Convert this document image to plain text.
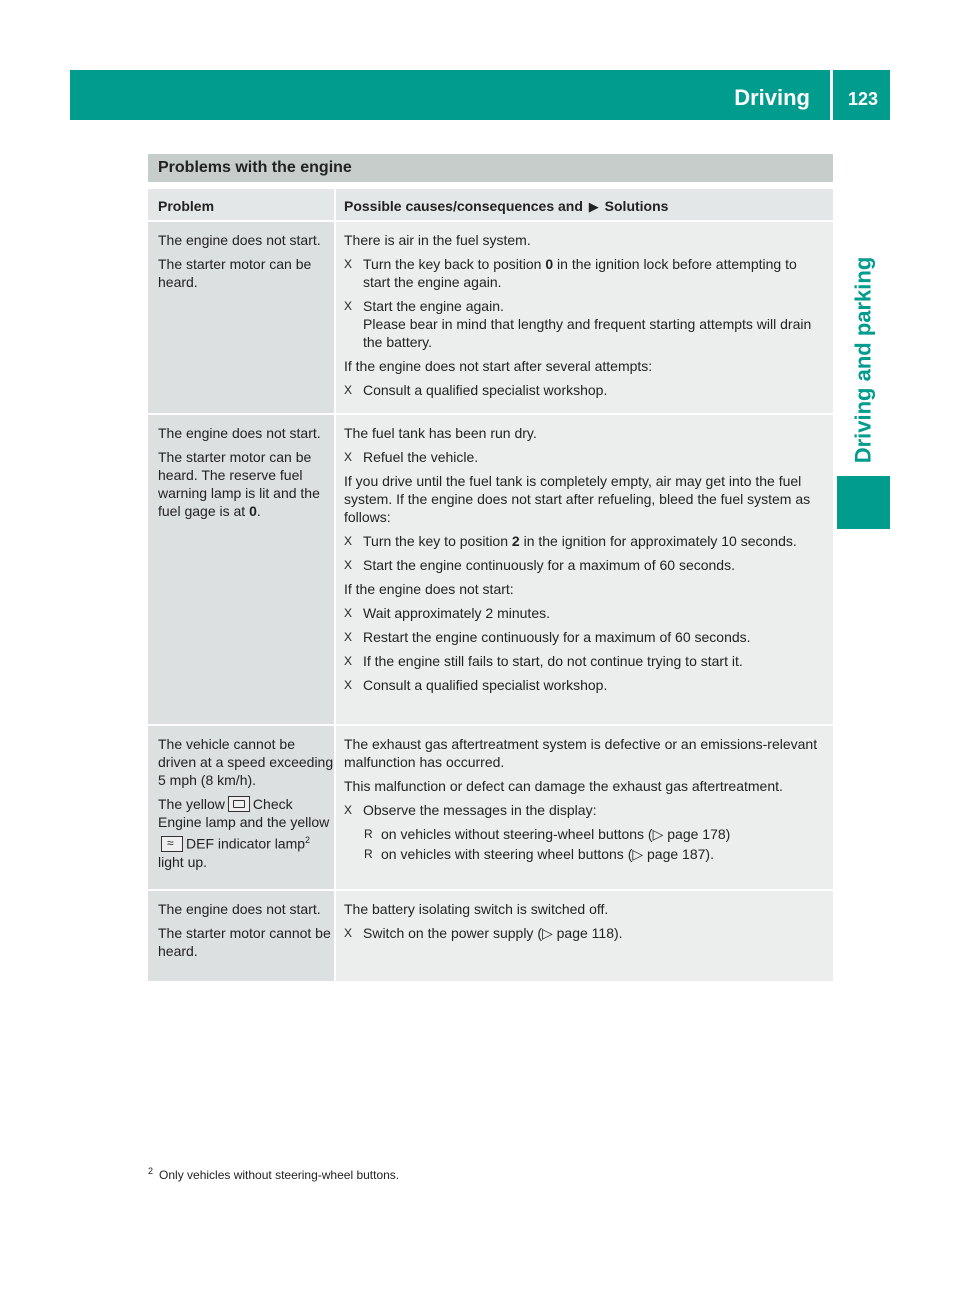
Driving	123
Driving and parking
Problems with the engine
Problem	Possible causes/consequences and ▶ Solutions

The engine does not start.

The starter motor can be heard.

There is air in the fuel system.

X Turn the key back to position 0 in the ignition lock before attempting to start the engine again.
X Start the engine again.
Please bear in mind that lengthy and frequent starting attempts will drain the battery.

If the engine does not start after several attempts:

X Consult a qualified specialist workshop.

The engine does not start.

The starter motor can be heard. The reserve fuel warning lamp is lit and the fuel gage is at 0.

The fuel tank has been run dry.

X Refuel the vehicle.

If you drive until the fuel tank is completely empty, air may get into the fuel system. If the engine does not start after refueling, bleed the fuel system as follows:

X Turn the key to position 2 in the ignition for approximately 10 seconds.
X Start the engine continuously for a maximum of 60 seconds.

If the engine does not start:

X Wait approximately 2 minutes.
X Restart the engine continuously for a maximum of 60 seconds.
X If the engine still fails to start, do not continue trying to start it.
X Consult a qualified specialist workshop.

The vehicle cannot be driven at a speed exceeding 5 mph (8 km/h).

The yellow Check Engine lamp and the yellow≈DEF indicator lamp$^2$ light up.

The exhaust gas aftertreatment system is defective or an emissions-relevant malfunction has occurred.

This malfunction or defect can damage the exhaust gas aftertreatment.

X Observe the messages in the display:
R on vehicles without steering-wheel buttons (▷ page 178)
R on vehicles with steering wheel buttons (▷ page 187).

The engine does not start.

The starter motor cannot be heard.

The battery isolating switch is switched off.

X Switch on the power supply (▷ page 118).
$^2$ Only vehicles without steering-wheel buttons.
